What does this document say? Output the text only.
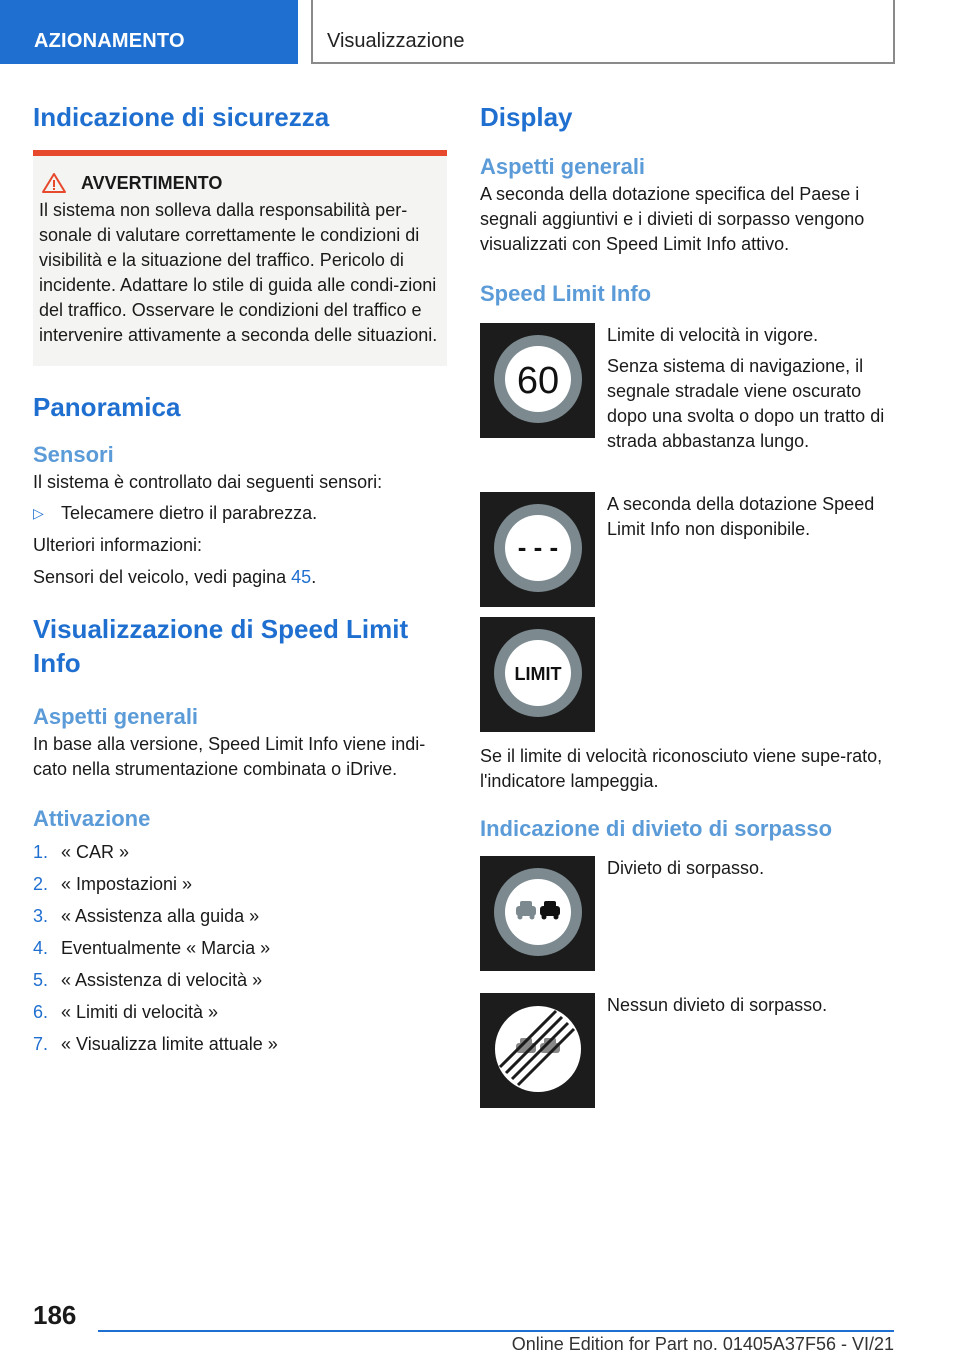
AZIONAMENTO	Visualizzazione
Indicazione di sicurezza
AVVERTIMENTO

Il sistema non solleva dalla responsabilità per-sonale di valutare correttamente le condizioni di visibilità e la situazione del traffico. Pericolo di incidente. Adattare lo stile di guida alle condi-zioni del traffico. Osservare le condizioni del traffico e intervenire attivamente a seconda delle situazioni.

Panoramica
Sensori

Il sistema è controllato dai seguenti sensori:

▷ Telecamere dietro il parabrezza.

Ulteriori informazioni:

Sensori del veicolo, vedi pagina 45.

Visualizzazione di Speed Limit Info
Aspetti generali

In base alla versione, Speed Limit Info viene indi-cato nella strumentazione combinata o iDrive.

Attivazione
1. « CAR »
2. « Impostazioni »
3. « Assistenza alla guida »
4. Eventualmente « Marcia »
5. « Assistenza di velocità »
6. « Limiti di velocità »
7. « Visualizza limite attuale »
Display
Aspetti generali

A seconda della dotazione specifica del Paese i segnali aggiuntivi e i divieti di sorpasso vengono visualizzati con Speed Limit Info attivo.

Speed Limit Info
60

Limite di velocità in vigore.

Senza sistema di navigazione, il segnale stradale viene oscurato dopo una svolta o dopo un tratto di strada abbastanza lungo.

- - -

A seconda della dotazione Speed Limit Info non disponibile.

LIMIT

Se il limite di velocità riconosciuto viene supe-rato, l'indicatore lampeggia.

Indicazione di divieto di sorpasso

Divieto di sorpasso.

Nessun divieto di sorpasso.

186
Online Edition for Part no. 01405A37F56 - VI/21
